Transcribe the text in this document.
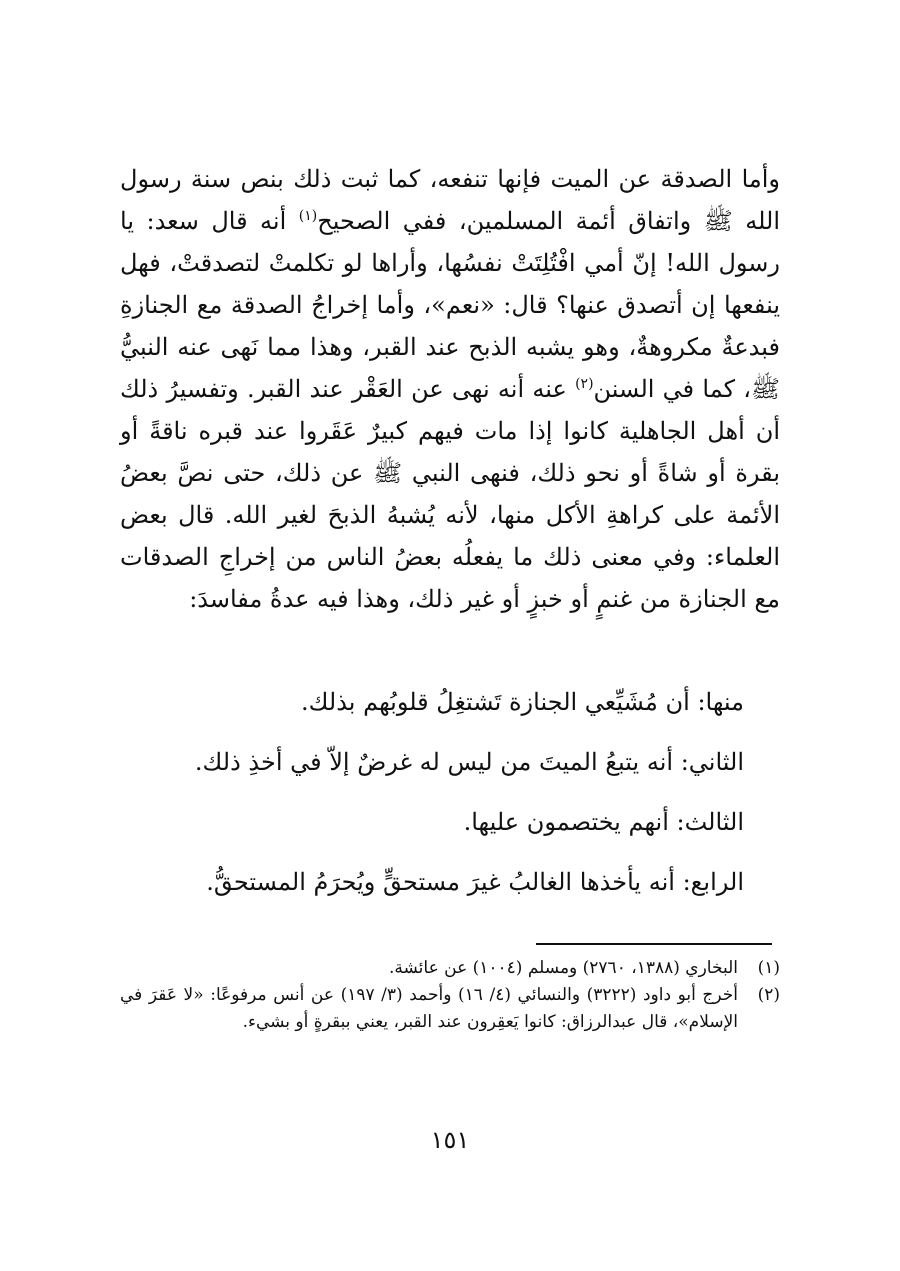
وأما الصدقة عن الميت فإنها تنفعه، كما ثبت ذلك بنص سنة رسول الله ﷺ واتفاق أئمة المسلمين، ففي الصحيح$^{(١)}$ أنه قال سعد: يا رسول الله! إنّ أمي افْتُلِتَتْ نفسُها، وأراها لو تكلمتْ لتصدقتْ، فهل ينفعها إن أتصدق عنها؟ قال: «نعم»، وأما إخراجُ الصدقة مع الجنازةِ فبدعةٌ مكروهةٌ، وهو يشبه الذبح عند القبر، وهذا مما نَهى عنه النبيُّ ﷺ، كما في السنن$^{(٢)}$ عنه أنه نهى عن العَقْر عند القبر. وتفسيرُ ذلك أن أهل الجاهلية كانوا إذا مات فيهم كبيرٌ عَقَروا عند قبره ناقةً أو بقرة أو شاةً أو نحو ذلك، فنهى النبي ﷺ عن ذلك، حتى نصَّ بعضُ الأئمة على كراهةِ الأكل منها، لأنه يُشبهُ الذبحَ لغير الله. قال بعض العلماء: وفي معنى ذلك ما يفعلُه بعضُ الناس من إخراجِ الصدقات مع الجنازة من غنمٍ أو خبزٍ أو غير ذلك، وهذا فيه عدةُ مفاسدَ:

منها: أن مُشَيِّعي الجنازة تَشتغِلُ قلوبُهم بذلك.
الثاني: أنه يتبعُ الميتَ من ليس له غرضٌ إلاّ في أخذِ ذلك.
الثالث: أنهم يختصمون عليها.
الرابع: أنه يأخذها الغالبُ غيرَ مستحقٍّ ويُحرَمُ المستحقُّ.
(١)
البخاري (١٣٨٨، ٢٧٦٠) ومسلم (١٠٠٤) عن عائشة.
(٢)
أخرج أبو داود (٣٢٢٢) والنسائي (٤/ ١٦) وأحمد (٣/ ١٩٧) عن أنس مرفوعًا: «لا عَقرَ في الإسلام»، قال عبدالرزاق: كانوا يَعقِرون عند القبر، يعني ببقرةٍ أو بشيء.
١٥١
